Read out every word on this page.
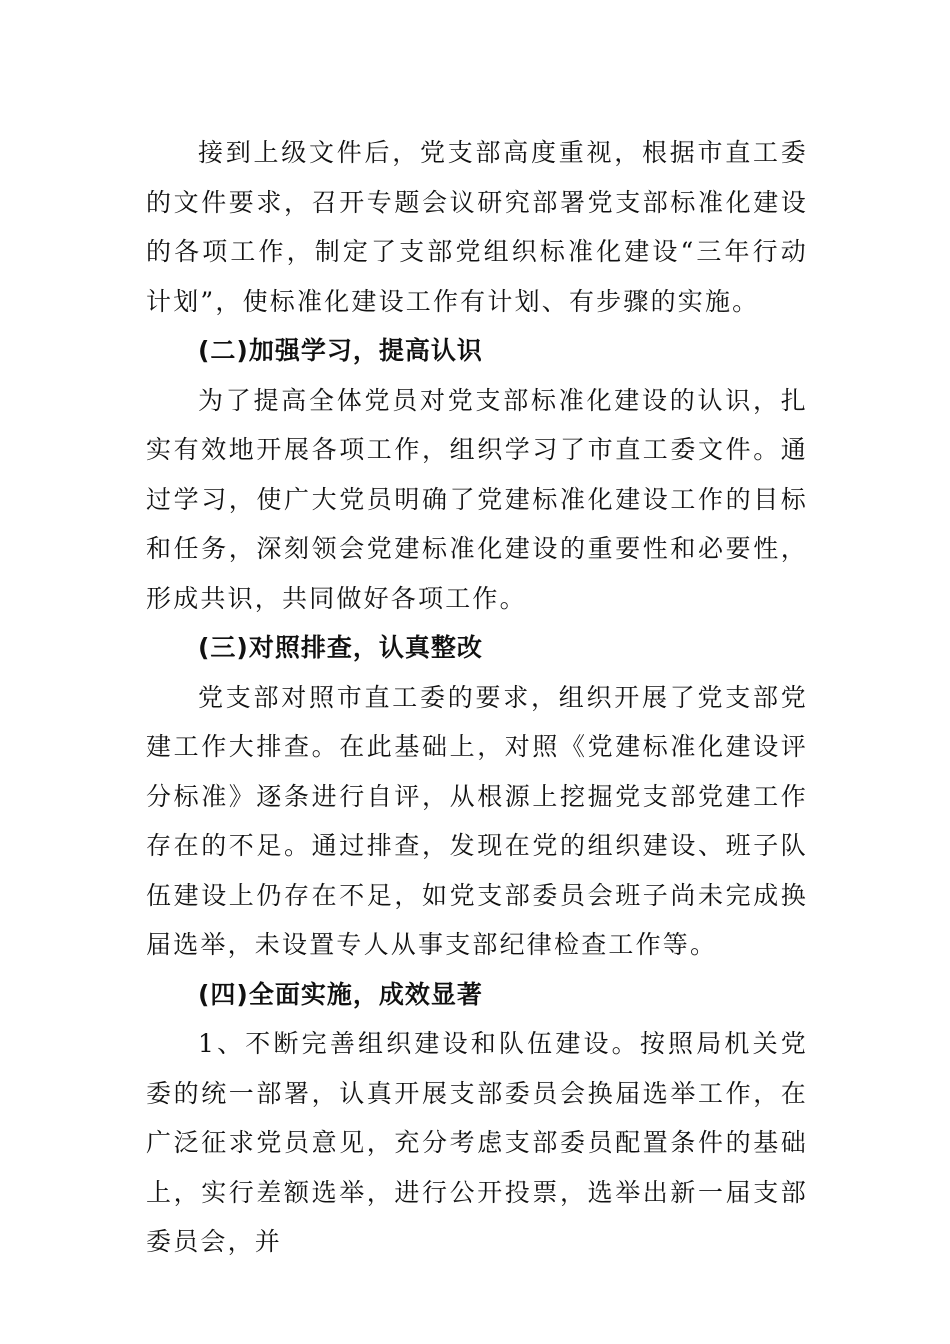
接到上级文件后，党支部高度重视，根据市直工委的文件要求，召开专题会议研究部署党支部标准化建设的各项工作，制定了支部党组织标准化建设“三年行动计划”，使标准化建设工作有计划、有步骤的实施。

(二)加强学习，提高认识

为了提高全体党员对党支部标准化建设的认识，扎实有效地开展各项工作，组织学习了市直工委文件。通过学习，使广大党员明确了党建标准化建设工作的目标和任务，深刻领会党建标准化建设的重要性和必要性，形成共识，共同做好各项工作。

(三)对照排查，认真整改

党支部对照市直工委的要求，组织开展了党支部党建工作大排查。在此基础上，对照《党建标准化建设评分标准》逐条进行自评，从根源上挖掘党支部党建工作存在的不足。通过排查，发现在党的组织建设、班子队伍建设上仍存在不足，如党支部委员会班子尚未完成换届选举，未设置专人从事支部纪律检查工作等。

(四)全面实施，成效显著

1、不断完善组织建设和队伍建设。按照局机关党委的统一部署，认真开展支部委员会换届选举工作，在广泛征求党员意见，充分考虑支部委员配置条件的基础上，实行差额选举，进行公开投票，选举出新一届支部委员会，并
